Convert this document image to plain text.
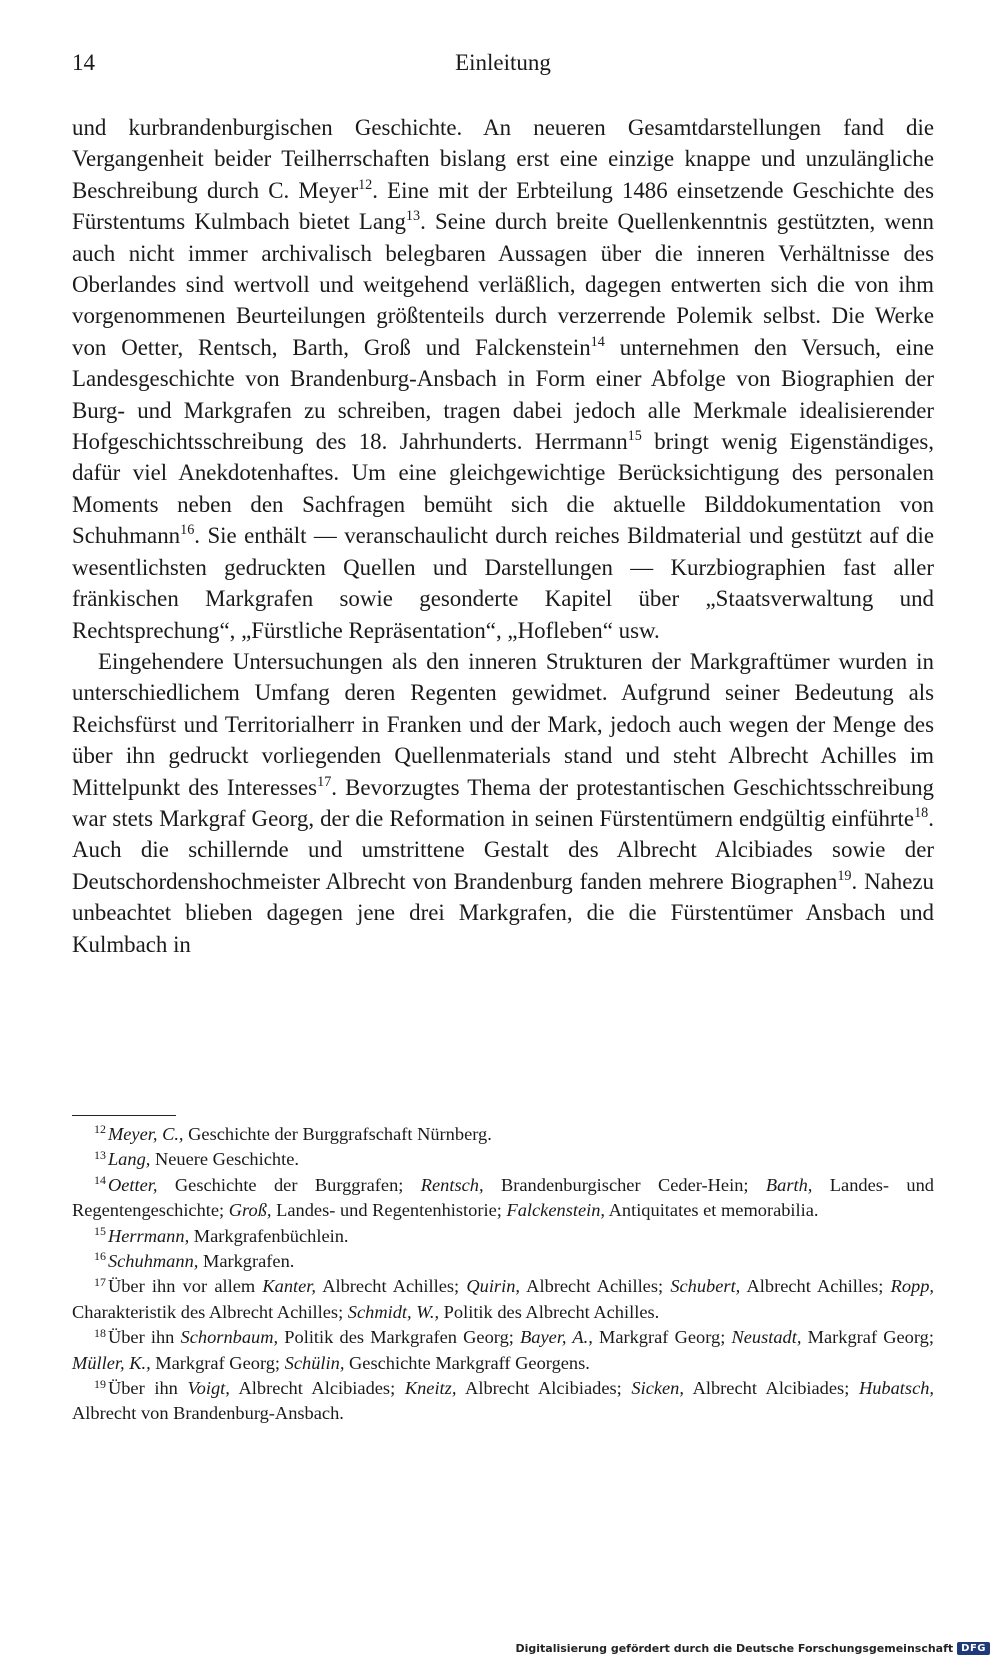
14	Einleitung

und kurbrandenburgischen Geschichte. An neueren Gesamtdarstellungen fand die Vergangenheit beider Teilherrschaften bislang erst eine einzige knappe und unzulängliche Beschreibung durch C. Meyer$^{12}$. Eine mit der Erbteilung 1486 einsetzende Geschichte des Fürstentums Kulmbach bietet Lang$^{13}$. Seine durch breite Quellenkenntnis gestützten, wenn auch nicht immer archivalisch belegbaren Aussagen über die inneren Verhältnisse des Oberlandes sind wertvoll und weitgehend verläßlich, dagegen entwerten sich die von ihm vorgenommenen Beurteilungen größtenteils durch verzerrende Polemik selbst. Die Werke von Oetter, Rentsch, Barth, Groß und Falckenstein$^{14}$ unternehmen den Versuch, eine Landesgeschichte von Brandenburg-Ansbach in Form einer Abfolge von Biographien der Burg- und Markgrafen zu schreiben, tragen dabei jedoch alle Merkmale idealisierender Hofgeschichtsschreibung des 18. Jahrhunderts. Herrmann$^{15}$ bringt wenig Eigenständiges, dafür viel Anekdotenhaftes. Um eine gleichgewichtige Berücksichtigung des personalen Moments neben den Sachfragen bemüht sich die aktuelle Bilddokumentation von Schuhmann$^{16}$. Sie enthält — veranschaulicht durch reiches Bildmaterial und gestützt auf die wesentlichsten gedruckten Quellen und Darstellungen — Kurzbiographien fast aller fränkischen Markgrafen sowie gesonderte Kapitel über „Staatsverwaltung und Rechtsprechung“, „Fürstliche Repräsentation“, „Hofleben“ usw.

Eingehendere Untersuchungen als den inneren Strukturen der Markgraftümer wurden in unterschiedlichem Umfang deren Regenten gewidmet. Aufgrund seiner Bedeutung als Reichsfürst und Territorialherr in Franken und der Mark, jedoch auch wegen der Menge des über ihn gedruckt vorliegenden Quellenmaterials stand und steht Albrecht Achilles im Mittelpunkt des Interesses$^{17}$. Bevorzugtes Thema der protestantischen Geschichtsschreibung war stets Markgraf Georg, der die Reformation in seinen Fürstentümern endgültig einführte$^{18}$. Auch die schillernde und umstrittene Gestalt des Albrecht Alcibiades sowie der Deutschordenshochmeister Albrecht von Brandenburg fanden mehrere Biographen$^{19}$. Nahezu unbeachtet blieben dagegen jene drei Markgrafen, die die Fürstentümer Ansbach und Kulmbach in

$^{12}$ Meyer, C., Geschichte der Burggrafschaft Nürnberg.

$^{13}$ Lang, Neuere Geschichte.

$^{14}$ Oetter, Geschichte der Burggrafen; Rentsch, Brandenburgischer Ceder-Hein; Barth, Landes- und Regentengeschichte; Groß, Landes- und Regentenhistorie; Falckenstein, Antiquitates et memorabilia.

$^{15}$ Herrmann, Markgrafenbüchlein.

$^{16}$ Schuhmann, Markgrafen.

$^{17}$ Über ihn vor allem Kanter, Albrecht Achilles; Quirin, Albrecht Achilles; Schubert, Albrecht Achilles; Ropp, Charakteristik des Albrecht Achilles; Schmidt, W., Politik des Albrecht Achilles.

$^{18}$ Über ihn Schornbaum, Politik des Markgrafen Georg; Bayer, A., Markgraf Georg; Neustadt, Markgraf Georg; Müller, K., Markgraf Georg; Schülin, Geschichte Markgraff Georgens.

$^{19}$ Über ihn Voigt, Albrecht Alcibiades; Kneitz, Albrecht Alcibiades; Sicken, Albrecht Alcibiades; Hubatsch, Albrecht von Brandenburg-Ansbach.

Digitalisierung gefördert durch die Deutsche Forschungsgemeinschaft DFG
